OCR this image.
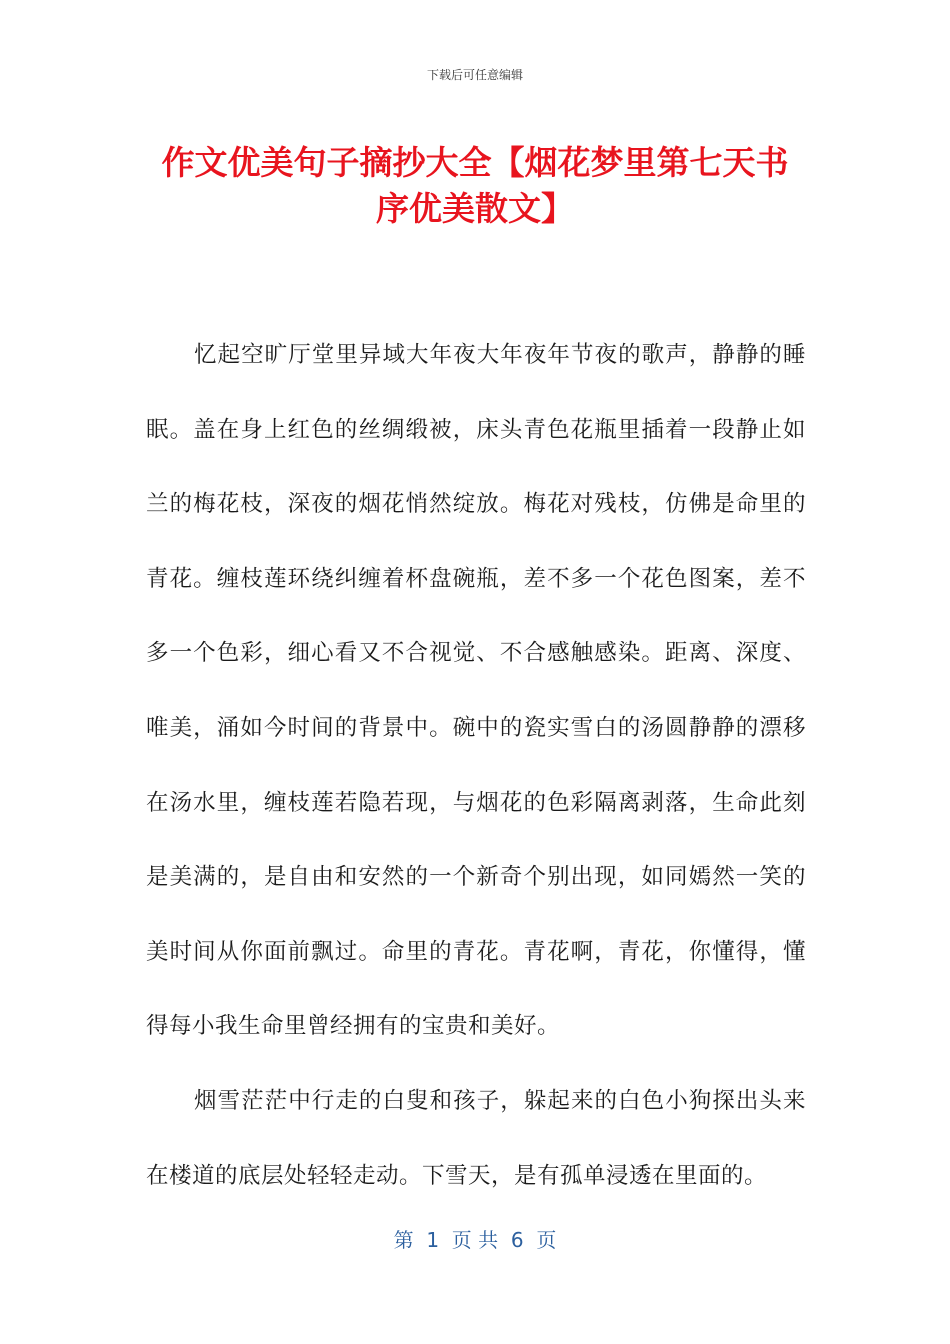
下载后可任意编辑
作文优美句子摘抄大全【烟花梦里第七天书
序优美散文】

忆起空旷厅堂里异域大年夜大年夜年节夜的歌声，静静的睡眠。盖在身上红色的丝绸缎被，床头青色花瓶里插着一段静止如兰的梅花枝，深夜的烟花悄然绽放。梅花对残枝，仿佛是命里的青花。缠枝莲环绕纠缠着杯盘碗瓶，差不多一个花色图案，差不多一个色彩，细心看又不合视觉、不合感触感染。距离、深度、唯美，涌如今时间的背景中。碗中的瓷实雪白的汤圆静静的漂移在汤水里，缠枝莲若隐若现，与烟花的色彩隔离剥落，生命此刻是美满的，是自由和安然的一个新奇个别出现，如同嫣然一笑的美时间从你面前飘过。命里的青花。青花啊，青花，你懂得，懂得每小我生命里曾经拥有的宝贵和美好。

烟雪茫茫中行走的白叟和孩子，躲起来的白色小狗探出头来在楼道的底层处轻轻走动。下雪天，是有孤单浸透在里面的。

第  1  页 共  6  页
